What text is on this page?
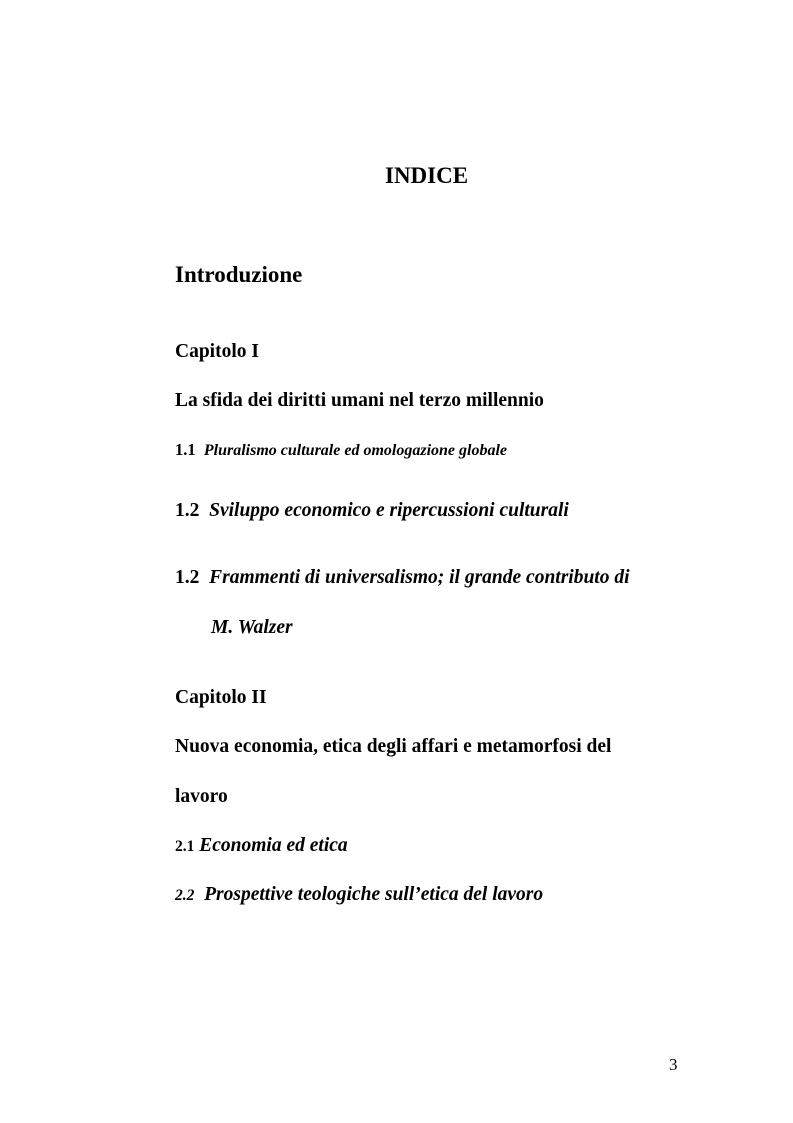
INDICE
Introduzione
Capitolo I
La sfida dei diritti umani nel terzo millennio
1.1 Pluralismo culturale ed omologazione globale
1.2 Sviluppo economico e ripercussioni culturali
1.2 Frammenti di universalismo; il grande contributo di
M. Walzer
Capitolo II
Nuova economia, etica degli affari e metamorfosi del
lavoro
2.1 Economia ed etica
2.2 Prospettive teologiche sull’etica del lavoro
3
